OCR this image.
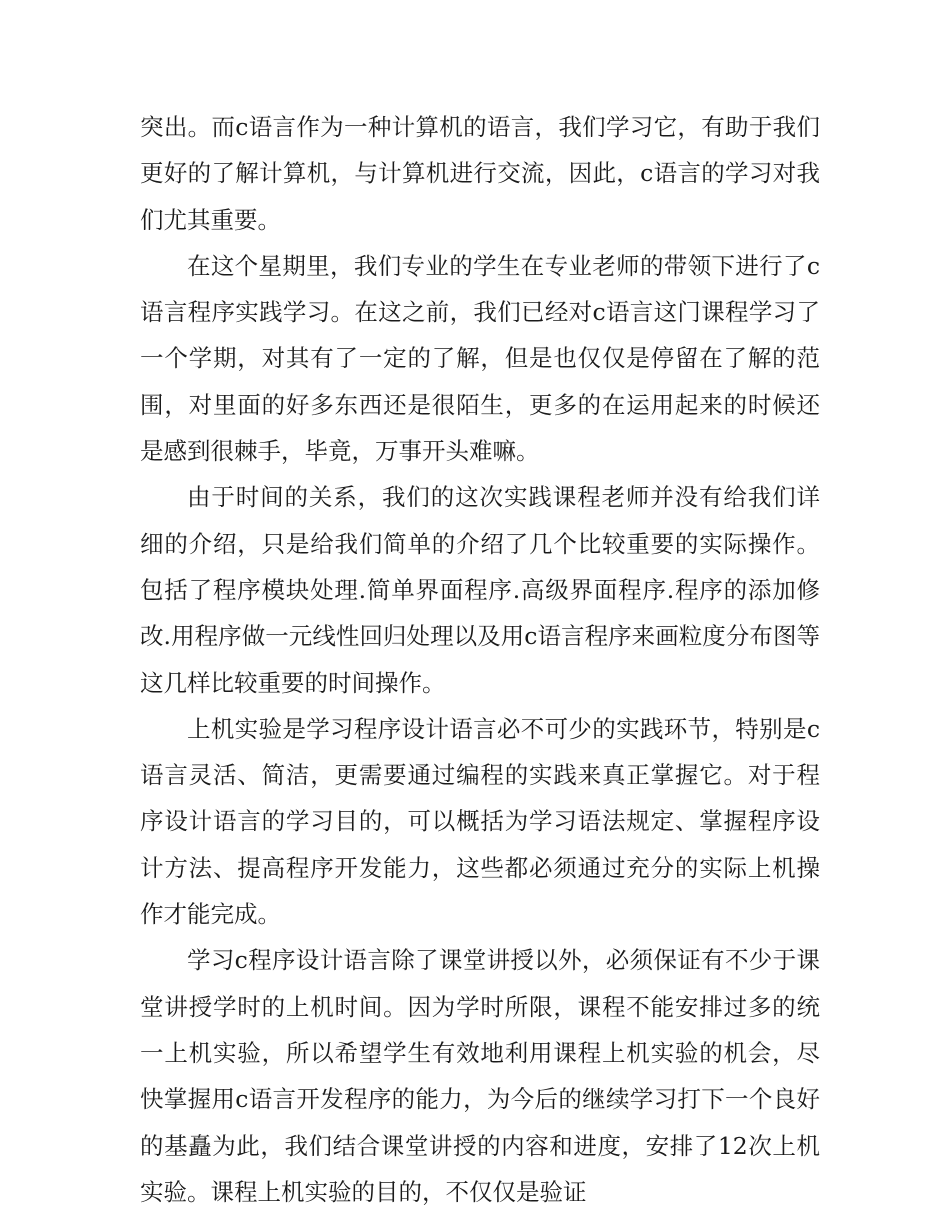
突出。而c语言作为一种计算机的语言，我们学习它，有助于我们更好的了解计算机，与计算机进行交流，因此，c语言的学习对我们尤其重要。

在这个星期里，我们专业的学生在专业老师的带领下进行了c语言程序实践学习。在这之前，我们已经对c语言这门课程学习了一个学期，对其有了一定的了解，但是也仅仅是停留在了解的范围，对里面的好多东西还是很陌生，更多的在运用起来的时候还是感到很棘手，毕竟，万事开头难嘛。

由于时间的关系，我们的这次实践课程老师并没有给我们详细的介绍，只是给我们简单的介绍了几个比较重要的实际操作。包括了程序模块处理.简单界面程序.高级界面程序.程序的添加修改.用程序做一元线性回归处理以及用c语言程序来画粒度分布图等这几样比较重要的时间操作。

上机实验是学习程序设计语言必不可少的实践环节，特别是c语言灵活、简洁，更需要通过编程的实践来真正掌握它。对于程序设计语言的学习目的，可以概括为学习语法规定、掌握程序设计方法、提高程序开发能力，这些都必须通过充分的实际上机操作才能完成。

学习c程序设计语言除了课堂讲授以外，必须保证有不少于课堂讲授学时的上机时间。因为学时所限，课程不能安排过多的统一上机实验，所以希望学生有效地利用课程上机实验的机会，尽快掌握用c语言开发程序的能力，为今后的继续学习打下一个良好的基矗为此，我们结合课堂讲授的内容和进度，安排了12次上机实验。课程上机实验的目的，不仅仅是验证
